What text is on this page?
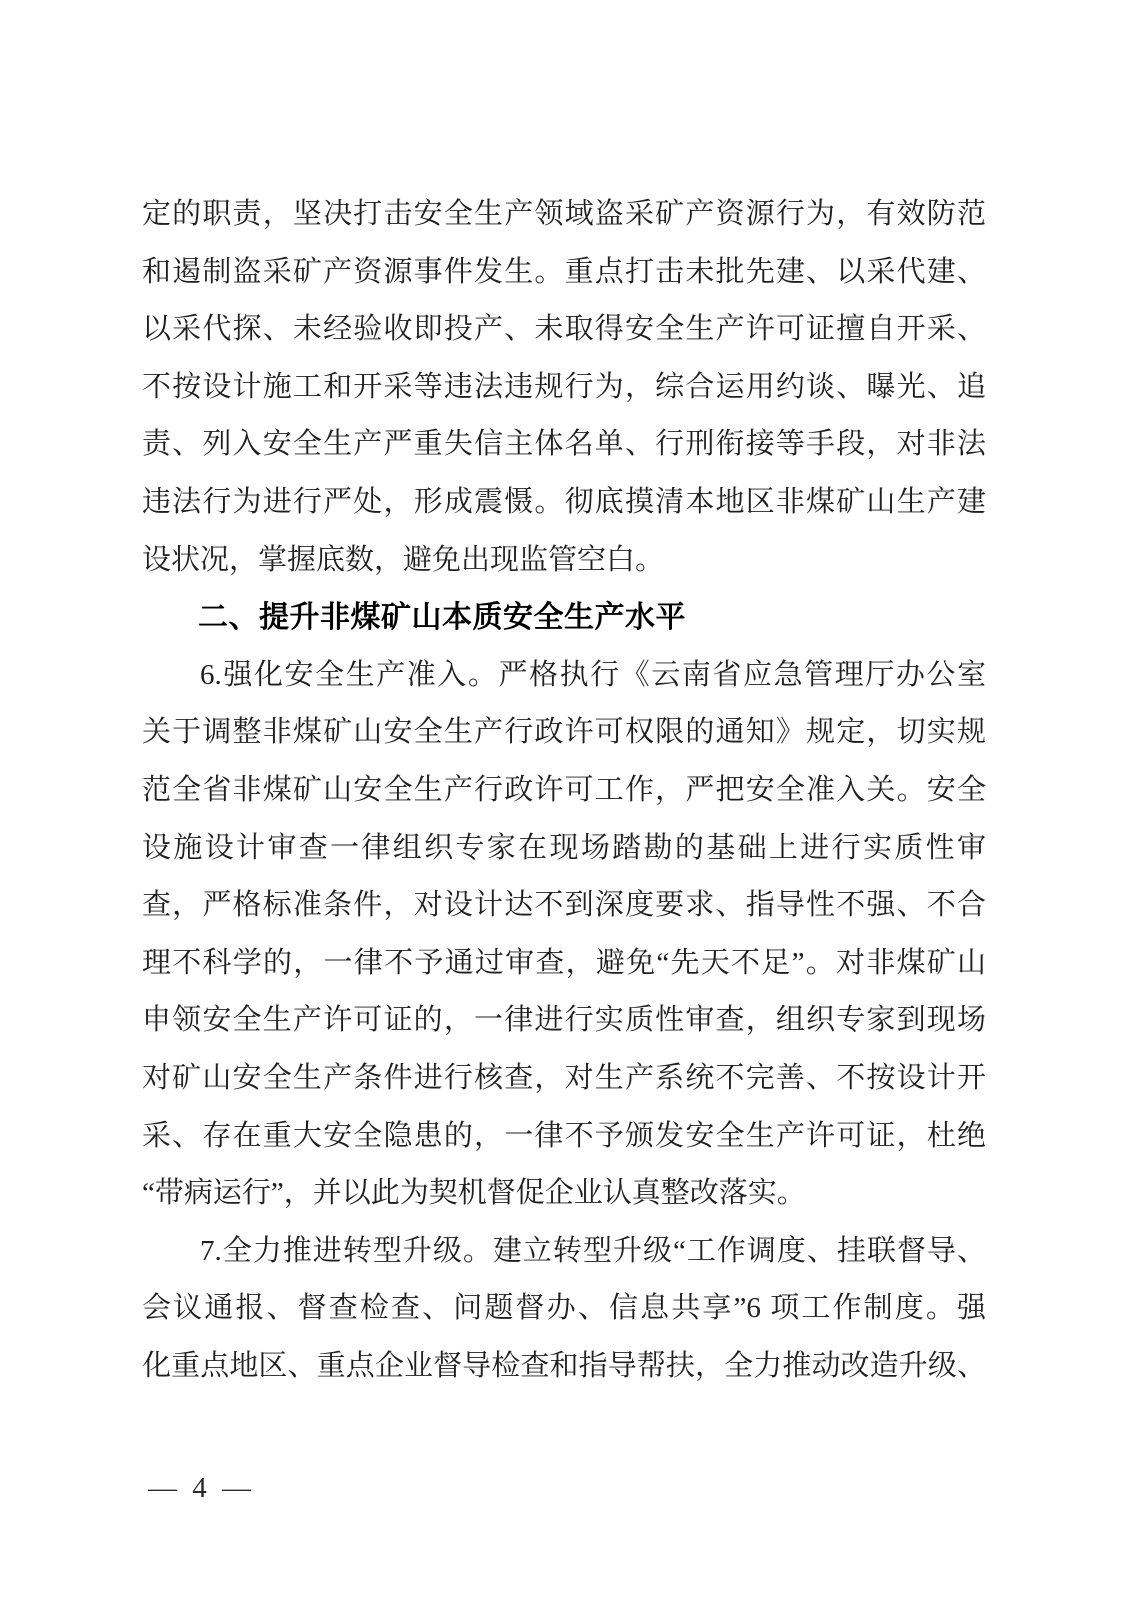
定的职责，坚决打击安全生产领域盗采矿产资源行为，有效防范
和遏制盗采矿产资源事件发生。重点打击未批先建、以采代建、
以采代探、未经验收即投产、未取得安全生产许可证擅自开采、
不按设计施工和开采等违法违规行为，综合运用约谈、曝光、追
责、列入安全生产严重失信主体名单、行刑衔接等手段，对非法
违法行为进行严处，形成震慑。彻底摸清本地区非煤矿山生产建
设状况，掌握底数，避免出现监管空白。
二、提升非煤矿山本质安全生产水平
6.强化安全生产准入。严格执行《云南省应急管理厅办公室
关于调整非煤矿山安全生产行政许可权限的通知》规定，切实规
范全省非煤矿山安全生产行政许可工作，严把安全准入关。安全
设施设计审查一律组织专家在现场踏勘的基础上进行实质性审
查，严格标准条件，对设计达不到深度要求、指导性不强、不合
理不科学的，一律不予通过审查，避免“先天不足”。对非煤矿山
申领安全生产许可证的，一律进行实质性审查，组织专家到现场
对矿山安全生产条件进行核查，对生产系统不完善、不按设计开
采、存在重大安全隐患的，一律不予颁发安全生产许可证，杜绝
“带病运行”，并以此为契机督促企业认真整改落实。
7.全力推进转型升级。建立转型升级“工作调度、挂联督导、
会议通报、督查检查、问题督办、信息共享”6 项工作制度。强
化重点地区、重点企业督导检查和指导帮扶，全力推动改造升级、
— 4 —
